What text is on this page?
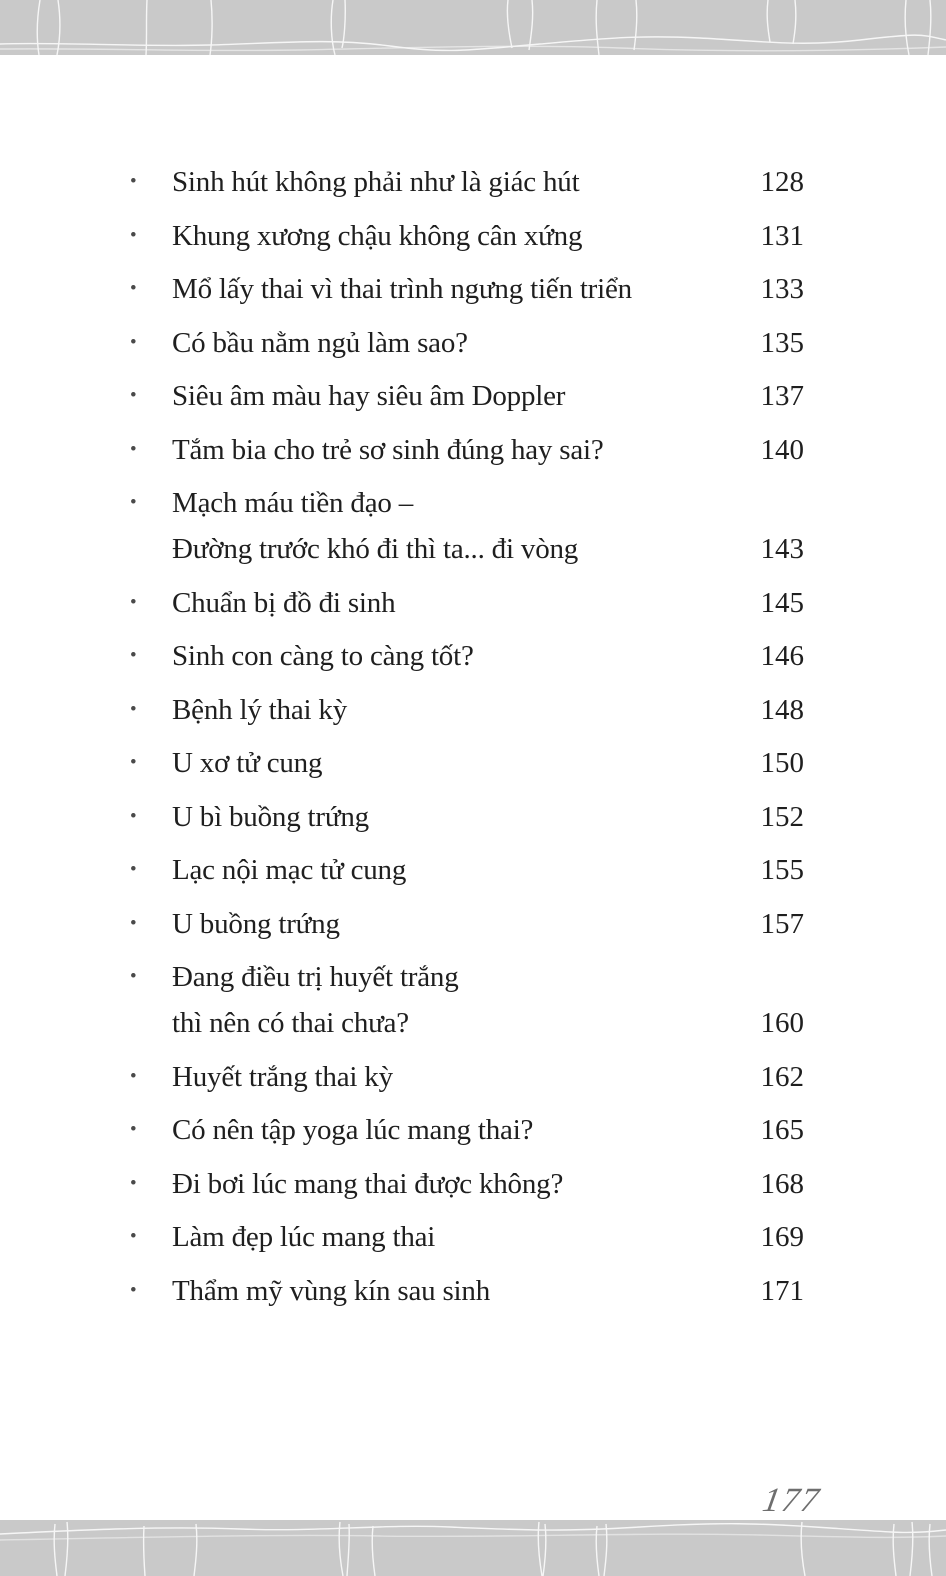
•	Sinh hút không phải như là giác hút	128
•	Khung xương chậu không cân xứng	131
•	Mổ lấy thai vì thai trình ngưng tiến triển	133
•	Có bầu nằm ngủ làm sao?	135
•	Siêu âm màu hay siêu âm Doppler	137
•	Tắm bia cho trẻ sơ sinh đúng hay sai?	140
•	Mạch máu tiền đạo –
Đường trước khó đi thì ta... đi vòng	143
•	Chuẩn bị đồ đi sinh	145
•	Sinh con càng to càng tốt?	146
•	Bệnh lý thai kỳ	148
•	U xơ tử cung	150
•	U bì buồng trứng	152
•	Lạc nội mạc tử cung	155
•	U buồng trứng	157
•	Đang điều trị huyết trắng
thì nên có thai chưa?	160
•	Huyết trắng thai kỳ	162
•	Có nên tập yoga lúc mang thai?	165
•	Đi bơi lúc mang thai được không?	168
•	Làm đẹp lúc mang thai	169
•	Thẩm mỹ vùng kín sau sinh	171
177
